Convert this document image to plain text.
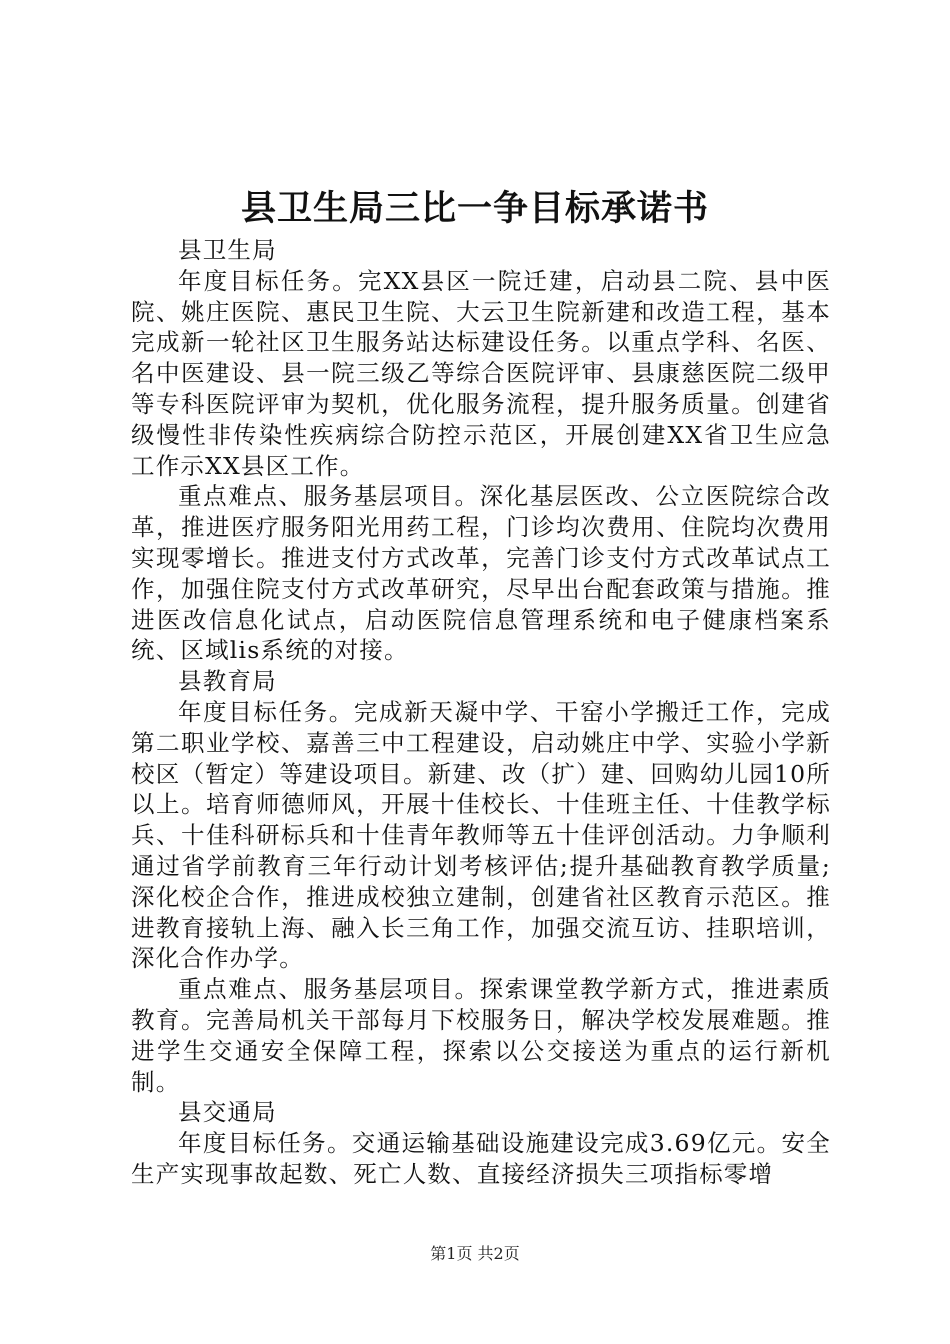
县卫生局三比一争目标承诺书

县卫生局

年度目标任务。完XX县区一院迁建，启动县二院、县中医院、姚庄医院、惠民卫生院、大云卫生院新建和改造工程，基本完成新一轮社区卫生服务站达标建设任务。以重点学科、名医、名中医建设、县一院三级乙等综合医院评审、县康慈医院二级甲等专科医院评审为契机，优化服务流程，提升服务质量。创建省级慢性非传染性疾病综合防控示范区，开展创建XX省卫生应急工作示XX县区工作。

重点难点、服务基层项目。深化基层医改、公立医院综合改革，推进医疗服务阳光用药工程，门诊均次费用、住院均次费用实现零增长。推进支付方式改革，完善门诊支付方式改革试点工作，加强住院支付方式改革研究，尽早出台配套政策与措施。推进医改信息化试点，启动医院信息管理系统和电子健康档案系统、区域lis系统的对接。

县教育局

年度目标任务。完成新天凝中学、干窑小学搬迁工作，完成第二职业学校、嘉善三中工程建设，启动姚庄中学、实验小学新校区（暂定）等建设项目。新建、改（扩）建、回购幼儿园10所以上。培育师德师风，开展十佳校长、十佳班主任、十佳教学标兵、十佳科研标兵和十佳青年教师等五十佳评创活动。力争顺利通过省学前教育三年行动计划考核评估;提升基础教育教学质量;深化校企合作，推进成校独立建制，创建省社区教育示范区。推进教育接轨上海、融入长三角工作，加强交流互访、挂职培训，深化合作办学。

重点难点、服务基层项目。探索课堂教学新方式，推进素质教育。完善局机关干部每月下校服务日，解决学校发展难题。推进学生交通安全保障工程，探索以公交接送为重点的运行新机制。

县交通局

年度目标任务。交通运输基础设施建设完成3.69亿元。安全生产实现事故起数、死亡人数、直接经济损失三项指标零增

第1页 共2页
